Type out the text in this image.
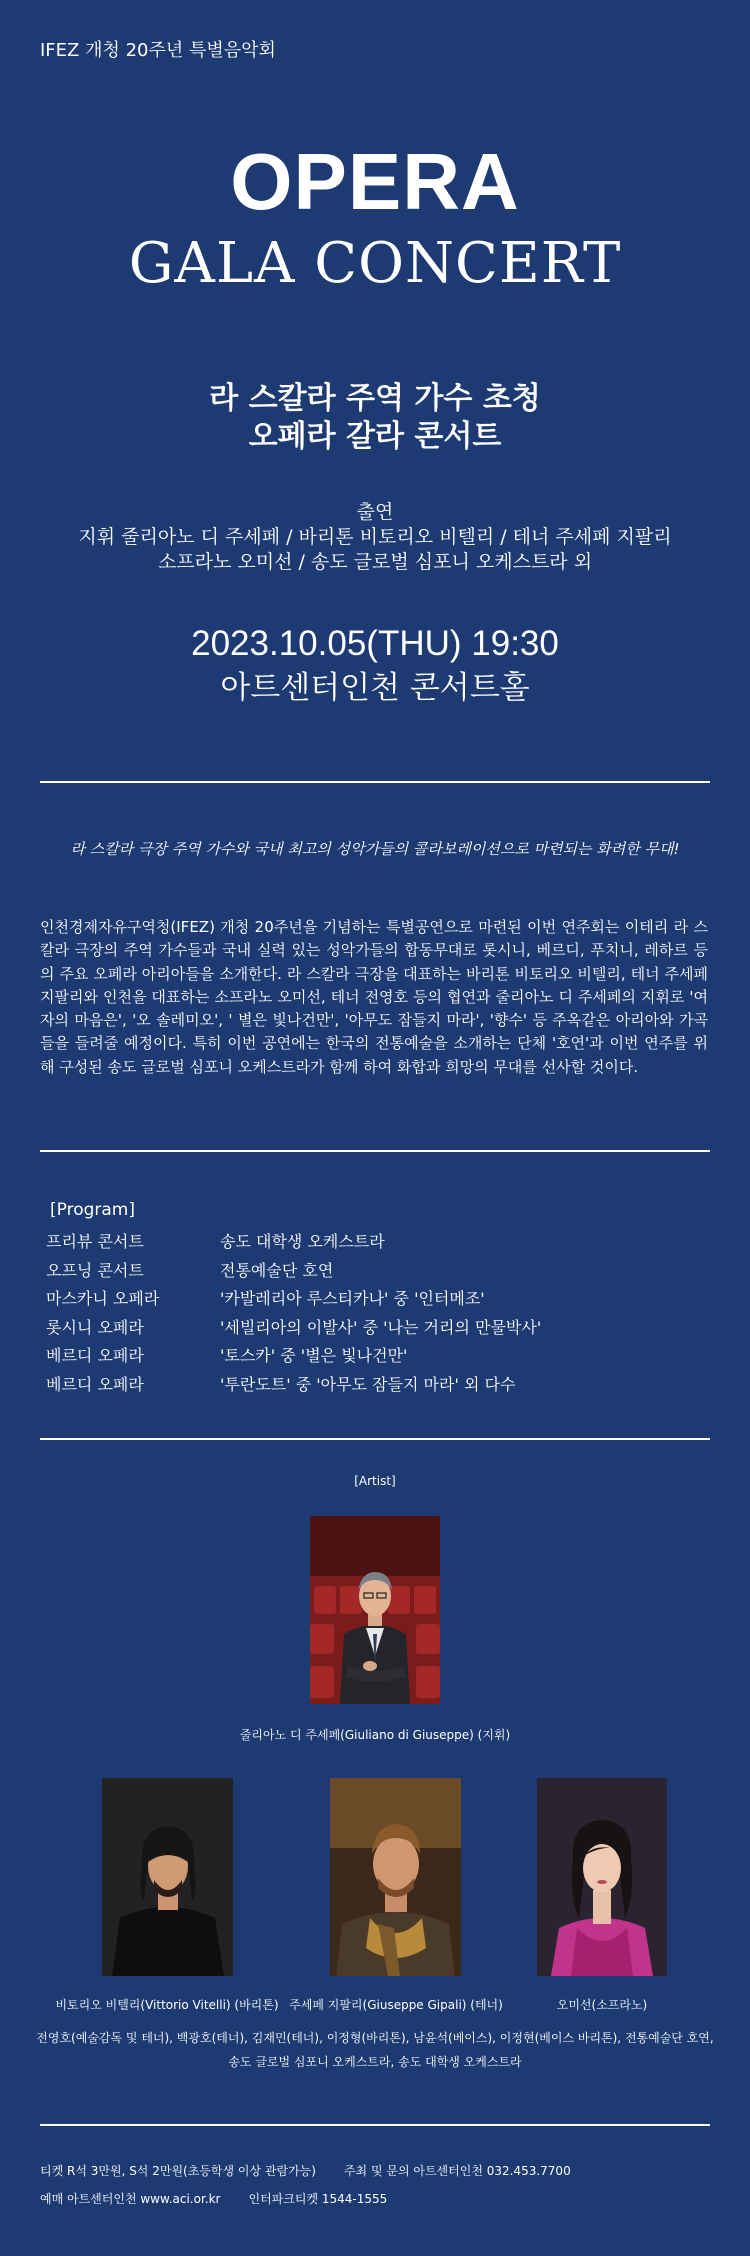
IFEZ 개청 20주년 특별음악회
OPERA
GALA CONCERT
라 스칼라 주역 가수 초청
오페라 갈라 콘서트
출연
지휘 줄리아노 디 주세페 / 바리톤 비토리오 비텔리 / 테너 주세페 지팔리
소프라노 오미선 / 송도 글로벌 심포니 오케스트라 외
2023.10.05(THU) 19:30
아트센터인천 콘서트홀
라 스칼라 극장 주역 가수와 국내 최고의 성악가들의 콜라보레이션으로 마련되는 화려한 무대!
인천경제자유구역청(IFEZ) 개청 20주년을 기념하는 특별공연으로 마련된 이번 연주회는 이테리 라 스칼라 극장의 주역 가수들과 국내 실력 있는 성악가들의 합동무대로 롯시니, 베르디, 푸치니, 레하르 등의 주요 오페라 아리아들을 소개한다. 라 스칼라 극장을 대표하는 바리톤 비토리오 비텔리, 테너 주세페 지팔리와 인천을 대표하는 소프라노 오미선, 테너 전영호 등의 협연과 줄리아노 디 주세페의 지휘로 '여자의 마음은', '오 솔레미오', ' 별은 빛나건만', '아무도 잠들지 마라', '향수' 등 주옥같은 아리아와 가곡들을 들려줄 예정이다. 특히 이번 공연에는 한국의 전통예술을 소개하는 단체 '호연'과 이번 연주를 위해 구성된 송도 글로벌 심포니 오케스트라가 함께 하여 화합과 희망의 무대를 선사할 것이다.
[Program]
프리뷰 콘서트	송도 대학생 오케스트라
오프닝 콘서트	전통예술단 호연
마스카니 오페라	'카발레리아 루스티카나' 중 '인터메조'
롯시니 오페라	'세빌리아의 이발사' 중 '나는 거리의 만물박사'
베르디 오페라	'토스카' 중 '별은 빛나건만'
베르디 오페라	'투란도트' 중 '아무도 잠들지 마라' 외 다수
[Artist]
줄리아노 디 주세페(Giuliano di Giuseppe) (지휘)
비토리오 비텔리(Vittorio Vitelli) (바리톤) 주세페 지팔리(Giuseppe Gipali) (테너)	오미선(소프라노)
전영호(예술감독 및 테너), 백광호(테너), 김재민(테너), 이정형(바리톤), 남윤석(베이스), 이정현(베이스 바리톤), 전통예술단 호연,
송도 글로벌 심포니 오케스트라, 송도 대학생 오케스트라
티켓 R석 3만원, S석 2만원(초등학생 이상 관람가능) 주최 및 문의 아트센터인천 032.453.7700
예매 아트센터인천 www.aci.or.kr 인터파크티켓 1544-1555
